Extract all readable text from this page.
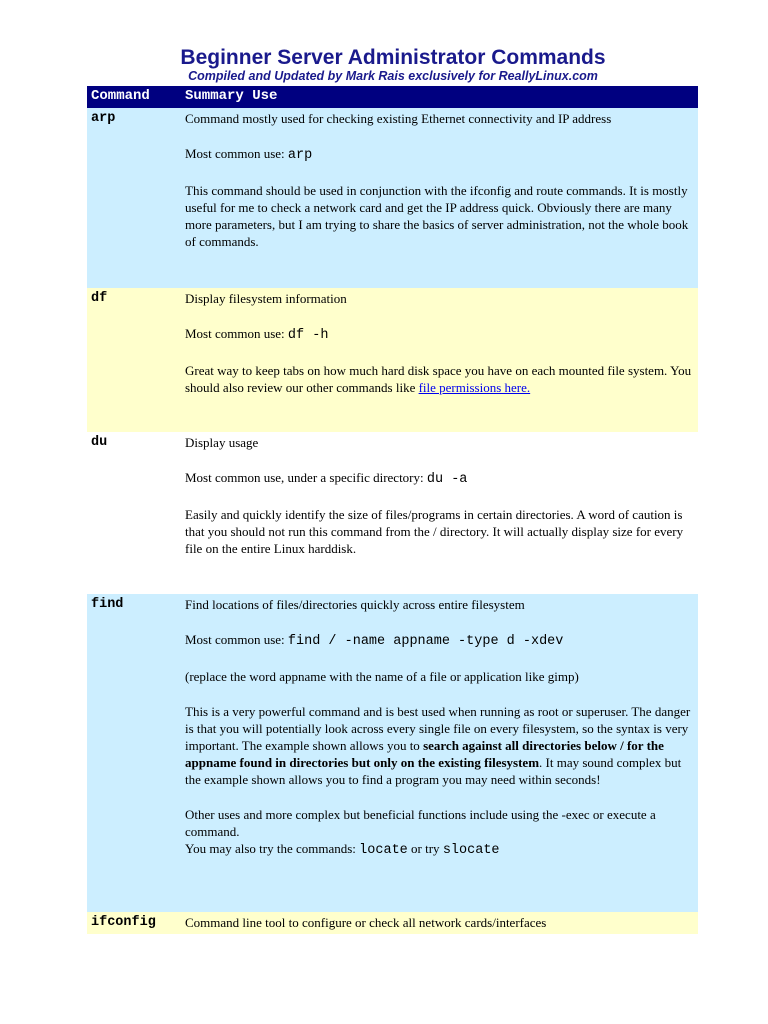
Beginner Server Administrator Commands
Compiled and Updated by Mark Rais exclusively for ReallyLinux.com
Command	Summary Use
arp	Command mostly used for checking existing Ethernet connectivity and IP address

Most common use: arp

This command should be used in conjunction with the ifconfig and route commands. It is mostly useful for me to check a network card and get the IP address quick. Obviously there are many more parameters, but I am trying to share the basics of server administration, not the whole book of commands.

df	Display filesystem information

Most common use: df -h

Great way to keep tabs on how much hard disk space you have on each mounted file system. You should also review our other commands like file permissions here.

du	Display usage

Most common use, under a specific directory: du -a

Easily and quickly identify the size of files/programs in certain directories. A word of caution is that you should not run this command from the / directory. It will actually display size for every file on the entire Linux harddisk.

find	Find locations of files/directories quickly across entire filesystem

Most common use: find / -name appname -type d -xdev

(replace the word appname with the name of a file or application like gimp)

This is a very powerful command and is best used when running as root or superuser. The danger is that you will potentially look across every single file on every filesystem, so the syntax is very important. The example shown allows you to search against all directories below / for the appname found in directories but only on the existing filesystem. It may sound complex but the example shown allows you to find a program you may need within seconds!

Other uses and more complex but beneficial functions include using the -exec or execute a command.

You may also try the commands: locate or try slocate

ifconfig Command line tool to configure or check all network cards/interfaces
